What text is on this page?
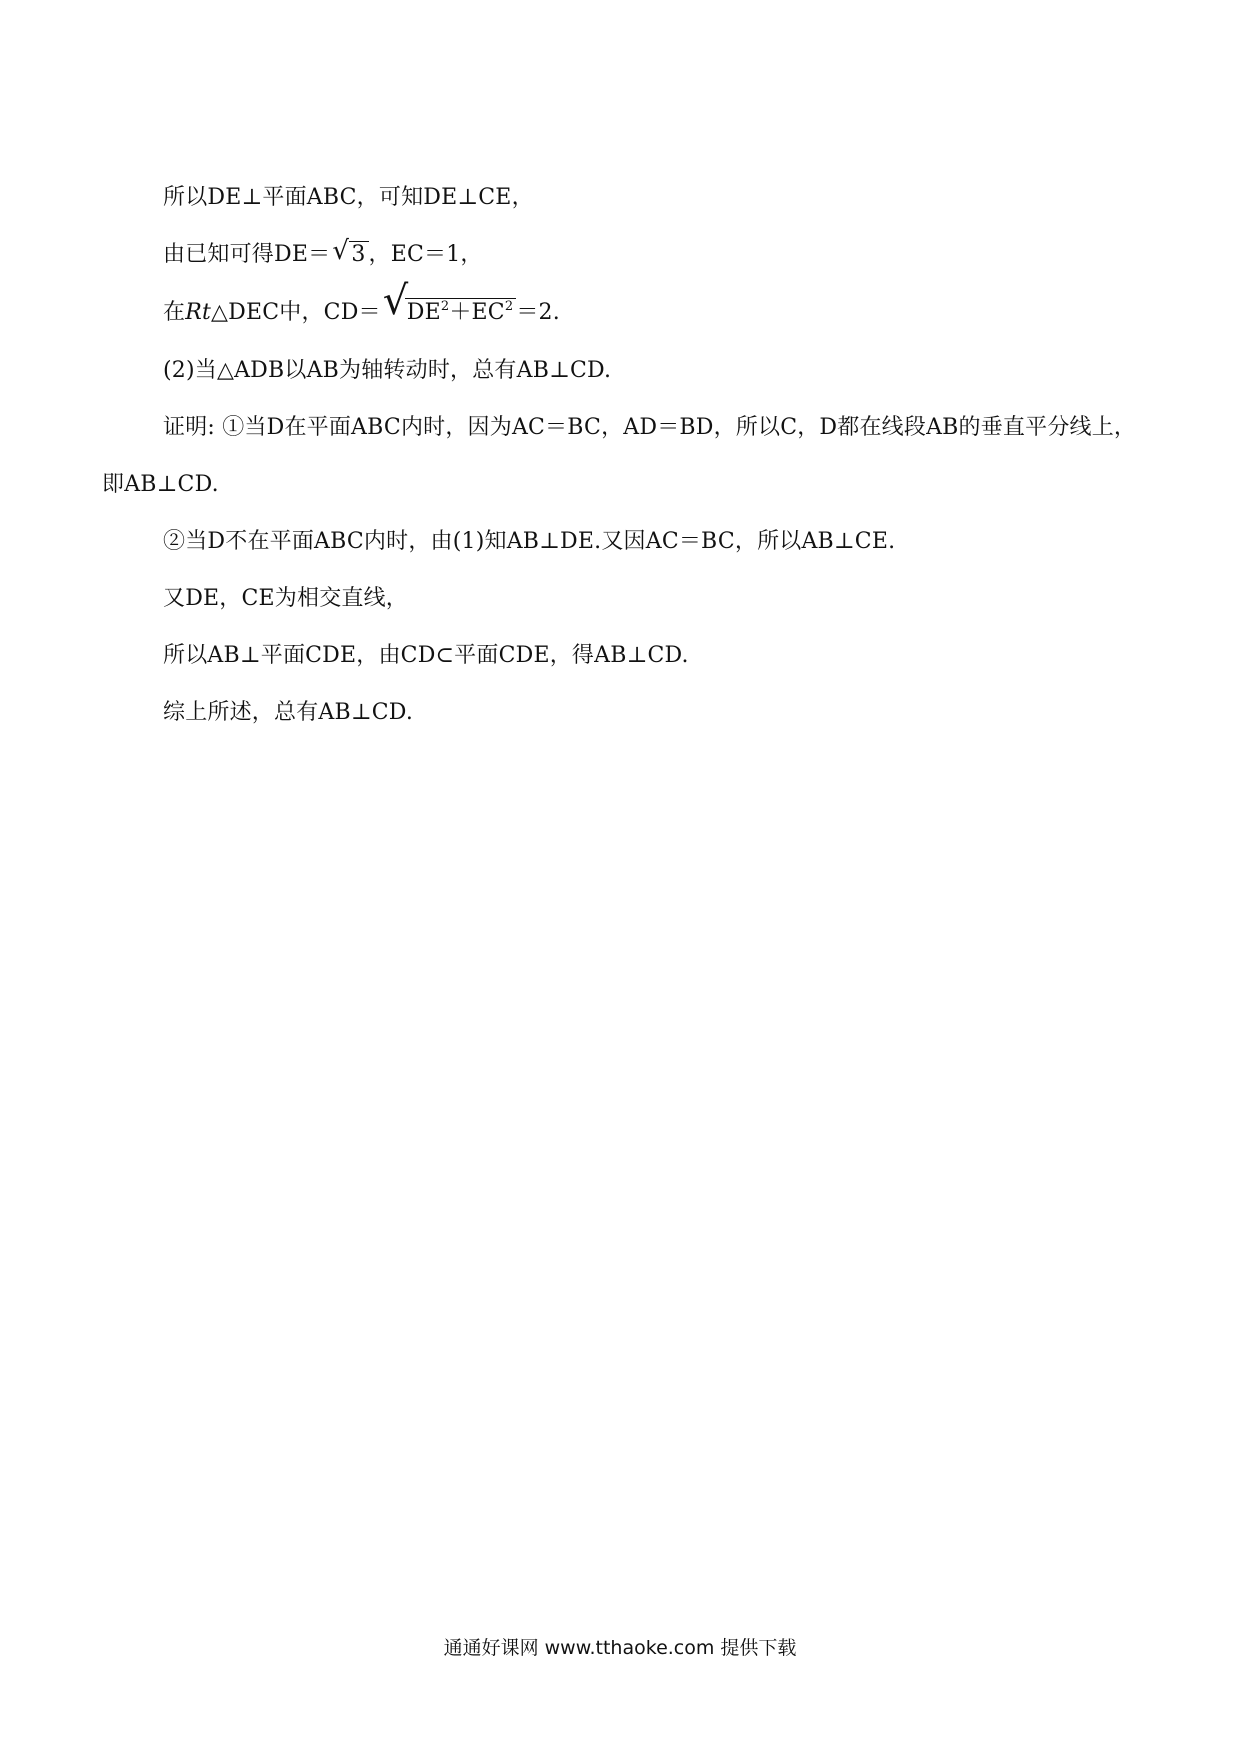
所以DE⊥平面ABC，可知DE⊥CE，
由已知可得DE＝ √ 3 ，EC＝1，
在Rt△DEC中，CD＝ √
$DE^2+EC^2 =2$.
(2)当△ADB以AB为轴转动时，总有AB⊥CD.
证明: ①当D在平面ABC内时，因为AC＝BC，AD＝BD，所以C，D都在线段AB的垂直平分线上，
即AB⊥CD.
②当D不在平面ABC内时，由(1)知AB⊥DE.又因AC＝BC，所以AB⊥CE.
又DE，CE为相交直线，
所以AB⊥平面CDE，由CD⊂平面CDE，得AB⊥CD.
综上所述，总有AB⊥CD.
通通好课网 www.tthaoke.com 提供下载
